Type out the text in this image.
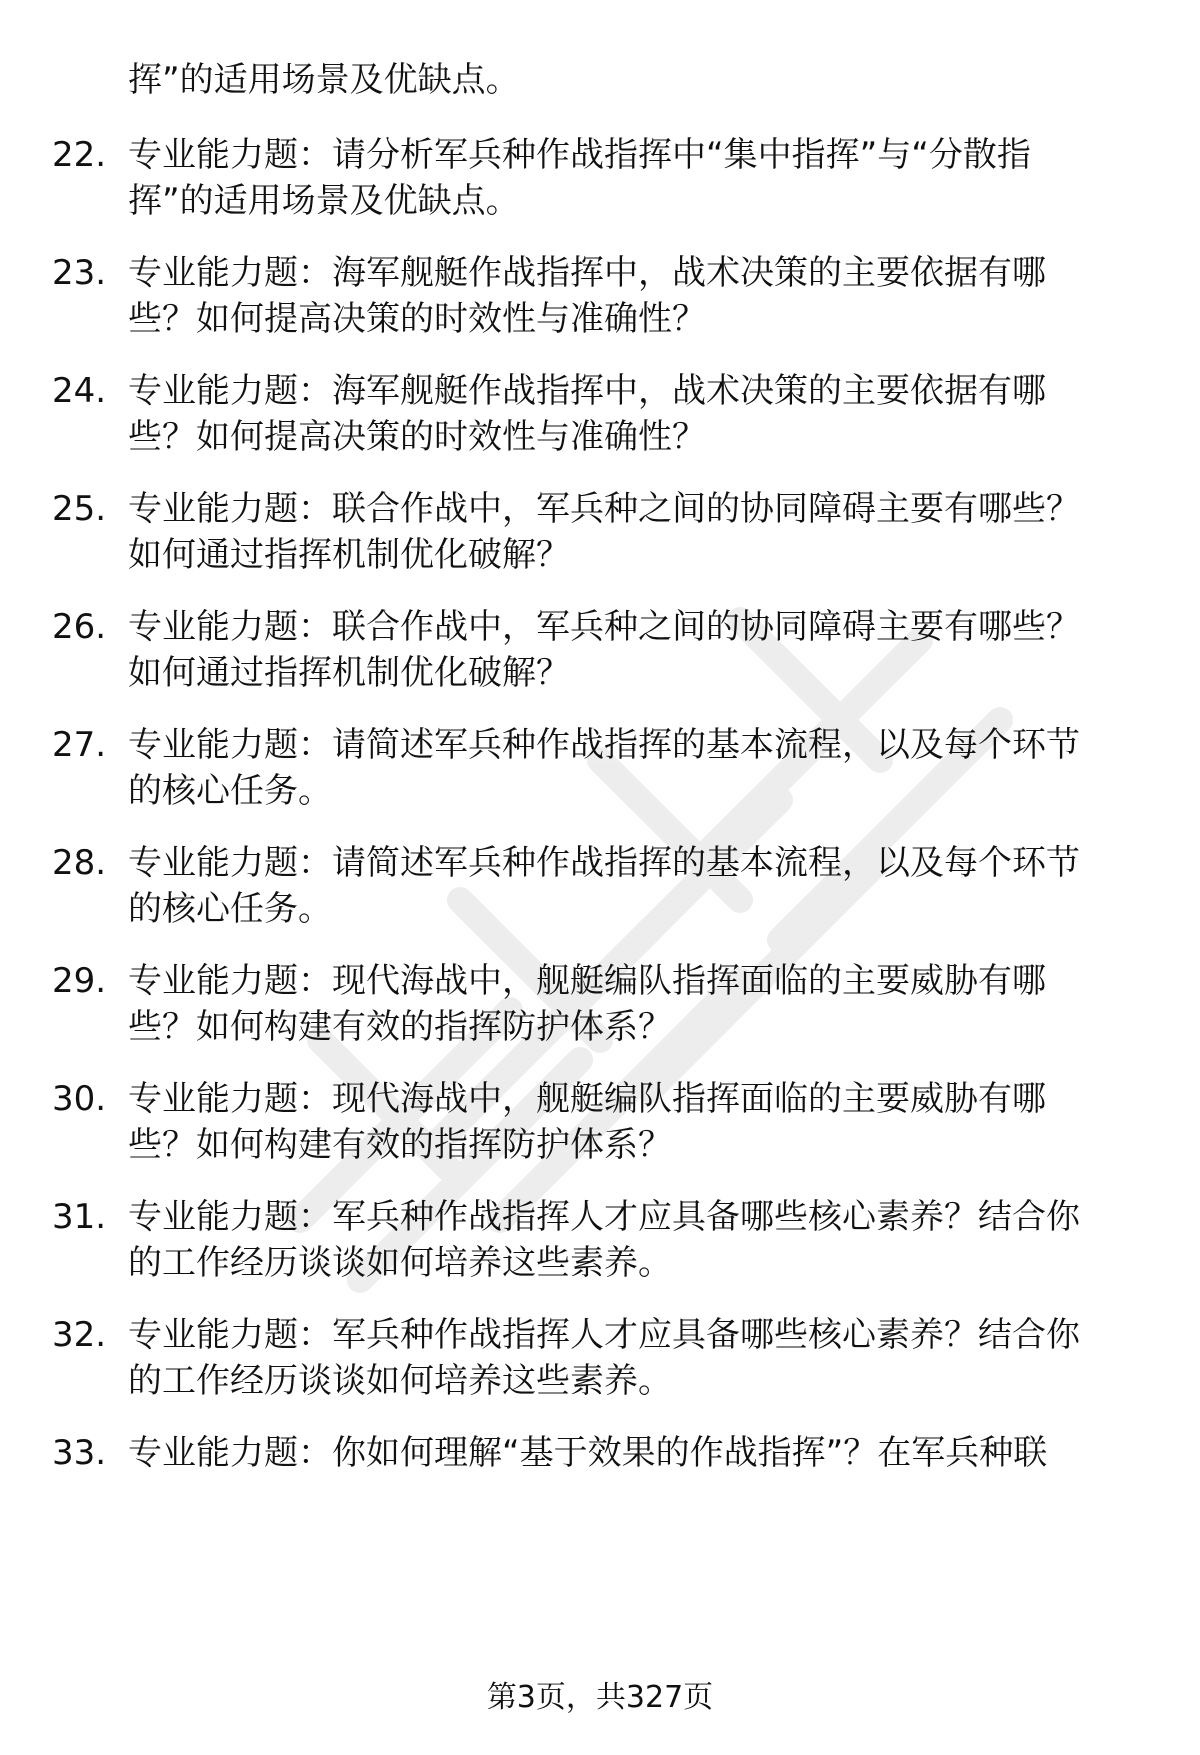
挥”的适用场景及优缺点。
22. 专业能力题：请分析军兵种作战指挥中“集中指挥”与“分散指
挥”的适用场景及优缺点。
23. 专业能力题：海军舰艇作战指挥中，战术决策的主要依据有哪
些？如何提高决策的时效性与准确性？
24. 专业能力题：海军舰艇作战指挥中，战术决策的主要依据有哪
些？如何提高决策的时效性与准确性？
25. 专业能力题：联合作战中，军兵种之间的协同障碍主要有哪些？
如何通过指挥机制优化破解？
26. 专业能力题：联合作战中，军兵种之间的协同障碍主要有哪些？
如何通过指挥机制优化破解？
27. 专业能力题：请简述军兵种作战指挥的基本流程，以及每个环节
的核心任务。
28. 专业能力题：请简述军兵种作战指挥的基本流程，以及每个环节
的核心任务。
29. 专业能力题：现代海战中，舰艇编队指挥面临的主要威胁有哪
些？如何构建有效的指挥防护体系？
30. 专业能力题：现代海战中，舰艇编队指挥面临的主要威胁有哪
些？如何构建有效的指挥防护体系？
31. 专业能力题：军兵种作战指挥人才应具备哪些核心素养？结合你
的工作经历谈谈如何培养这些素养。
32. 专业能力题：军兵种作战指挥人才应具备哪些核心素养？结合你
的工作经历谈谈如何培养这些素养。
33. 专业能力题：你如何理解“基于效果的作战指挥”？在军兵种联
第3页，共327页
